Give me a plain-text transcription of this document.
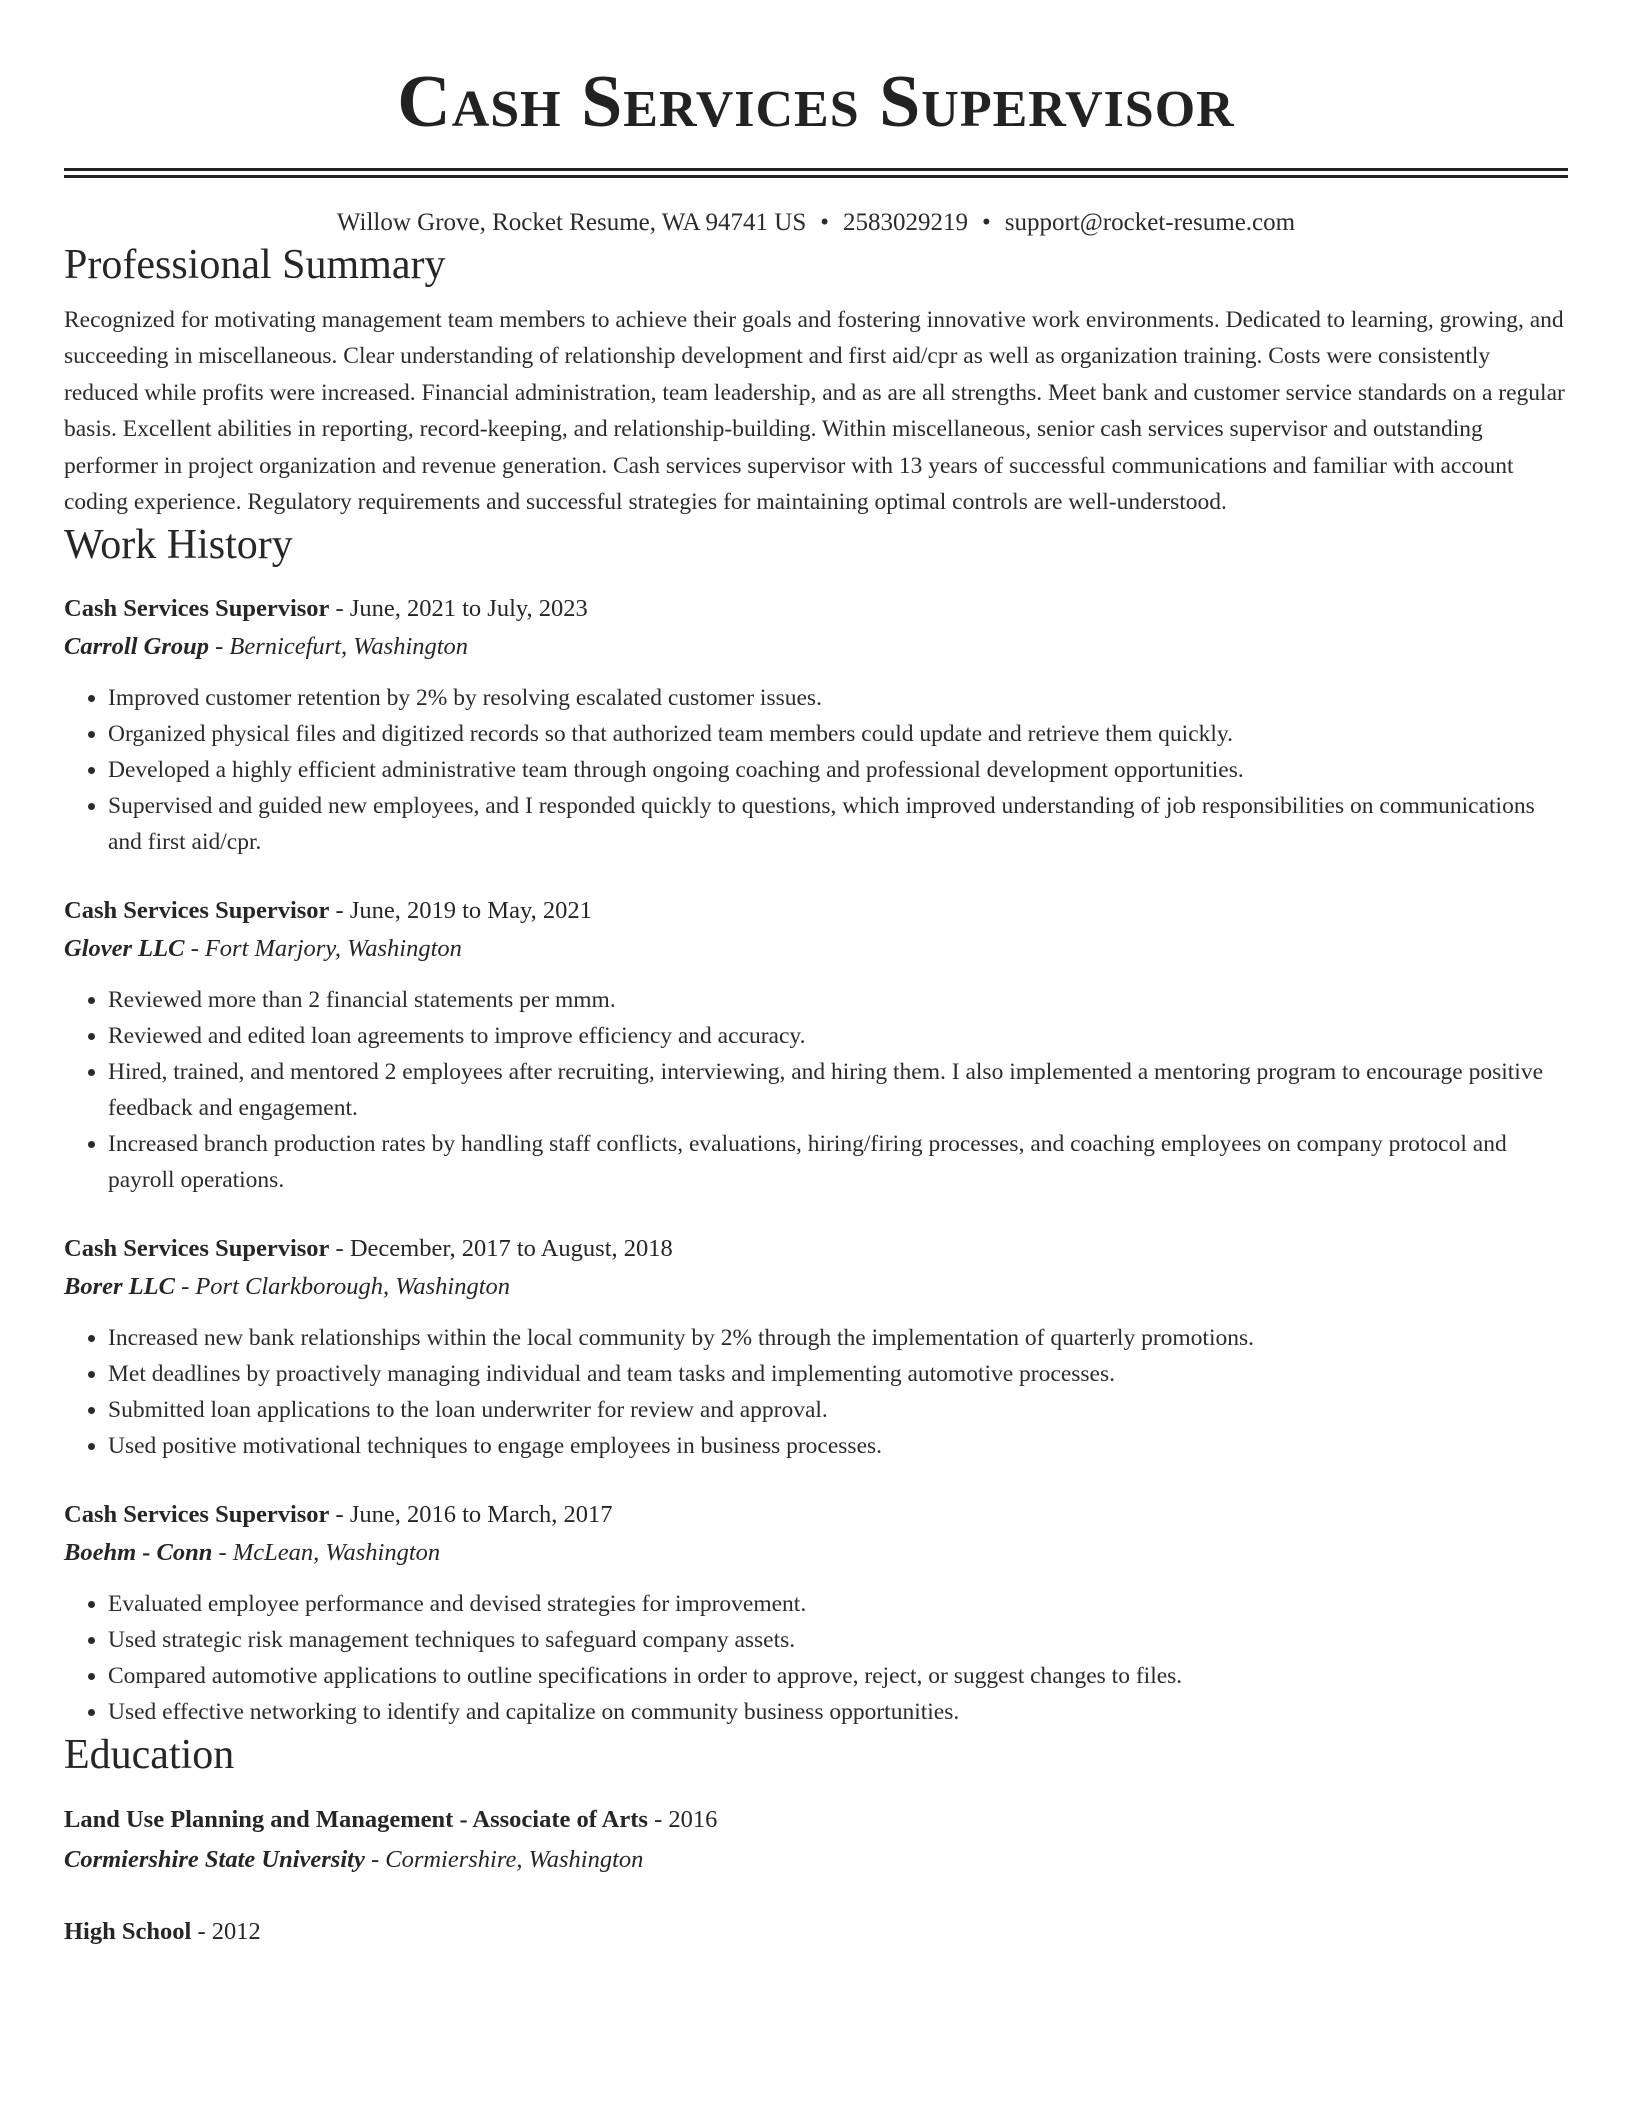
Cash Services Supervisor
Willow Grove, Rocket Resume, WA 94741 US • 2583029219 • support@rocket-resume.com
Professional Summary
Recognized for motivating management team members to achieve their goals and fostering innovative work environments. Dedicated to learning, growing, and succeeding in miscellaneous. Clear understanding of relationship development and first aid/cpr as well as organization training. Costs were consistently reduced while profits were increased. Financial administration, team leadership, and as are all strengths. Meet bank and customer service standards on a regular basis. Excellent abilities in reporting, record-keeping, and relationship-building. Within miscellaneous, senior cash services supervisor and outstanding performer in project organization and revenue generation. Cash services supervisor with 13 years of successful communications and familiar with account coding experience. Regulatory requirements and successful strategies for maintaining optimal controls are well-understood.
Work History
Cash Services Supervisor - June, 2021 to July, 2023
Carroll Group - Bernicefurt, Washington
• Improved customer retention by 2% by resolving escalated customer issues.
• Organized physical files and digitized records so that authorized team members could update and retrieve them quickly.
• Developed a highly efficient administrative team through ongoing coaching and professional development opportunities.
• Supervised and guided new employees, and I responded quickly to questions, which improved understanding of job responsibilities on communications and first aid/cpr.
Cash Services Supervisor - June, 2019 to May, 2021
Glover LLC - Fort Marjory, Washington
• Reviewed more than 2 financial statements per mmm.
• Reviewed and edited loan agreements to improve efficiency and accuracy.
• Hired, trained, and mentored 2 employees after recruiting, interviewing, and hiring them. I also implemented a mentoring program to encourage positive feedback and engagement.
• Increased branch production rates by handling staff conflicts, evaluations, hiring/firing processes, and coaching employees on company protocol and payroll operations.
Cash Services Supervisor - December, 2017 to August, 2018
Borer LLC - Port Clarkborough, Washington
• Increased new bank relationships within the local community by 2% through the implementation of quarterly promotions.
• Met deadlines by proactively managing individual and team tasks and implementing automotive processes.
• Submitted loan applications to the loan underwriter for review and approval.
• Used positive motivational techniques to engage employees in business processes.
Cash Services Supervisor - June, 2016 to March, 2017
Boehm - Conn - McLean, Washington
• Evaluated employee performance and devised strategies for improvement.
• Used strategic risk management techniques to safeguard company assets.
• Compared automotive applications to outline specifications in order to approve, reject, or suggest changes to files.
• Used effective networking to identify and capitalize on community business opportunities.
Education
Land Use Planning and Management - Associate of Arts - 2016
Cormiershire State University - Cormiershire, Washington
High School - 2012
